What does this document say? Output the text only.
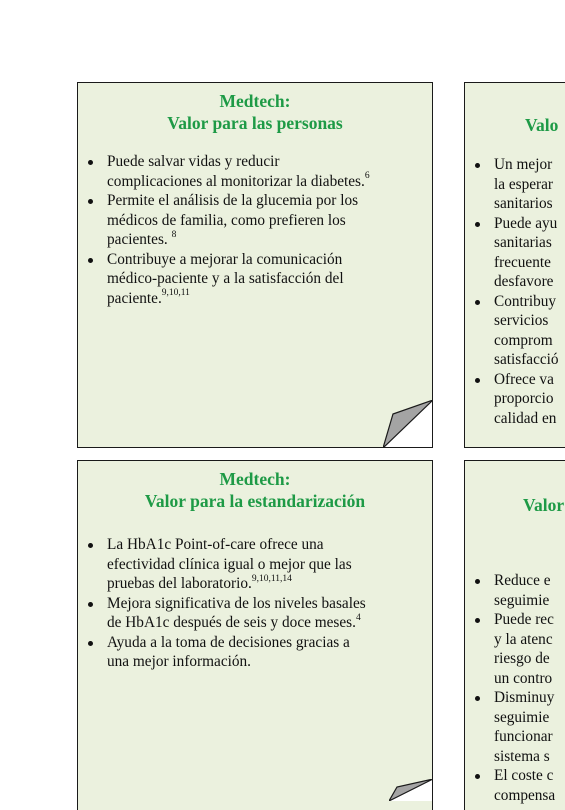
Medtech:
Valor para las personas
Puede salvar vidas y reducir
complicaciones al monitorizar la diabetes.$^6$
Permite el análisis de la glucemia por los
médicos de familia, como prefieren los
pacientes. $^8$
Contribuye a mejorar la comunicación
médico-paciente y a la satisfacción del
paciente.$^{9,10,11}$
Valo
Un mejor
la esperar
sanitarios
Puede ayu
sanitarias
frecuente
desfavore
Contribuy
servicios
comprom
satisfacció
Ofrece va
proporcio
calidad en
Medtech:
Valor para la estandarización
La HbA1c Point-of-care ofrece una
efectividad clínica igual o mejor que las
pruebas del laboratorio.$^{9,10,11,14}$
Mejora significativa de los niveles basales
de HbA1c después de seis y doce meses.$^4$
Ayuda a la toma de decisiones gracias a
una mejor información.
Valor
Reduce e
seguimie
Puede rec
y la atenc
riesgo de
un contro
Disminuy
seguimie
funcionar
sistema s
El coste c
compensa
